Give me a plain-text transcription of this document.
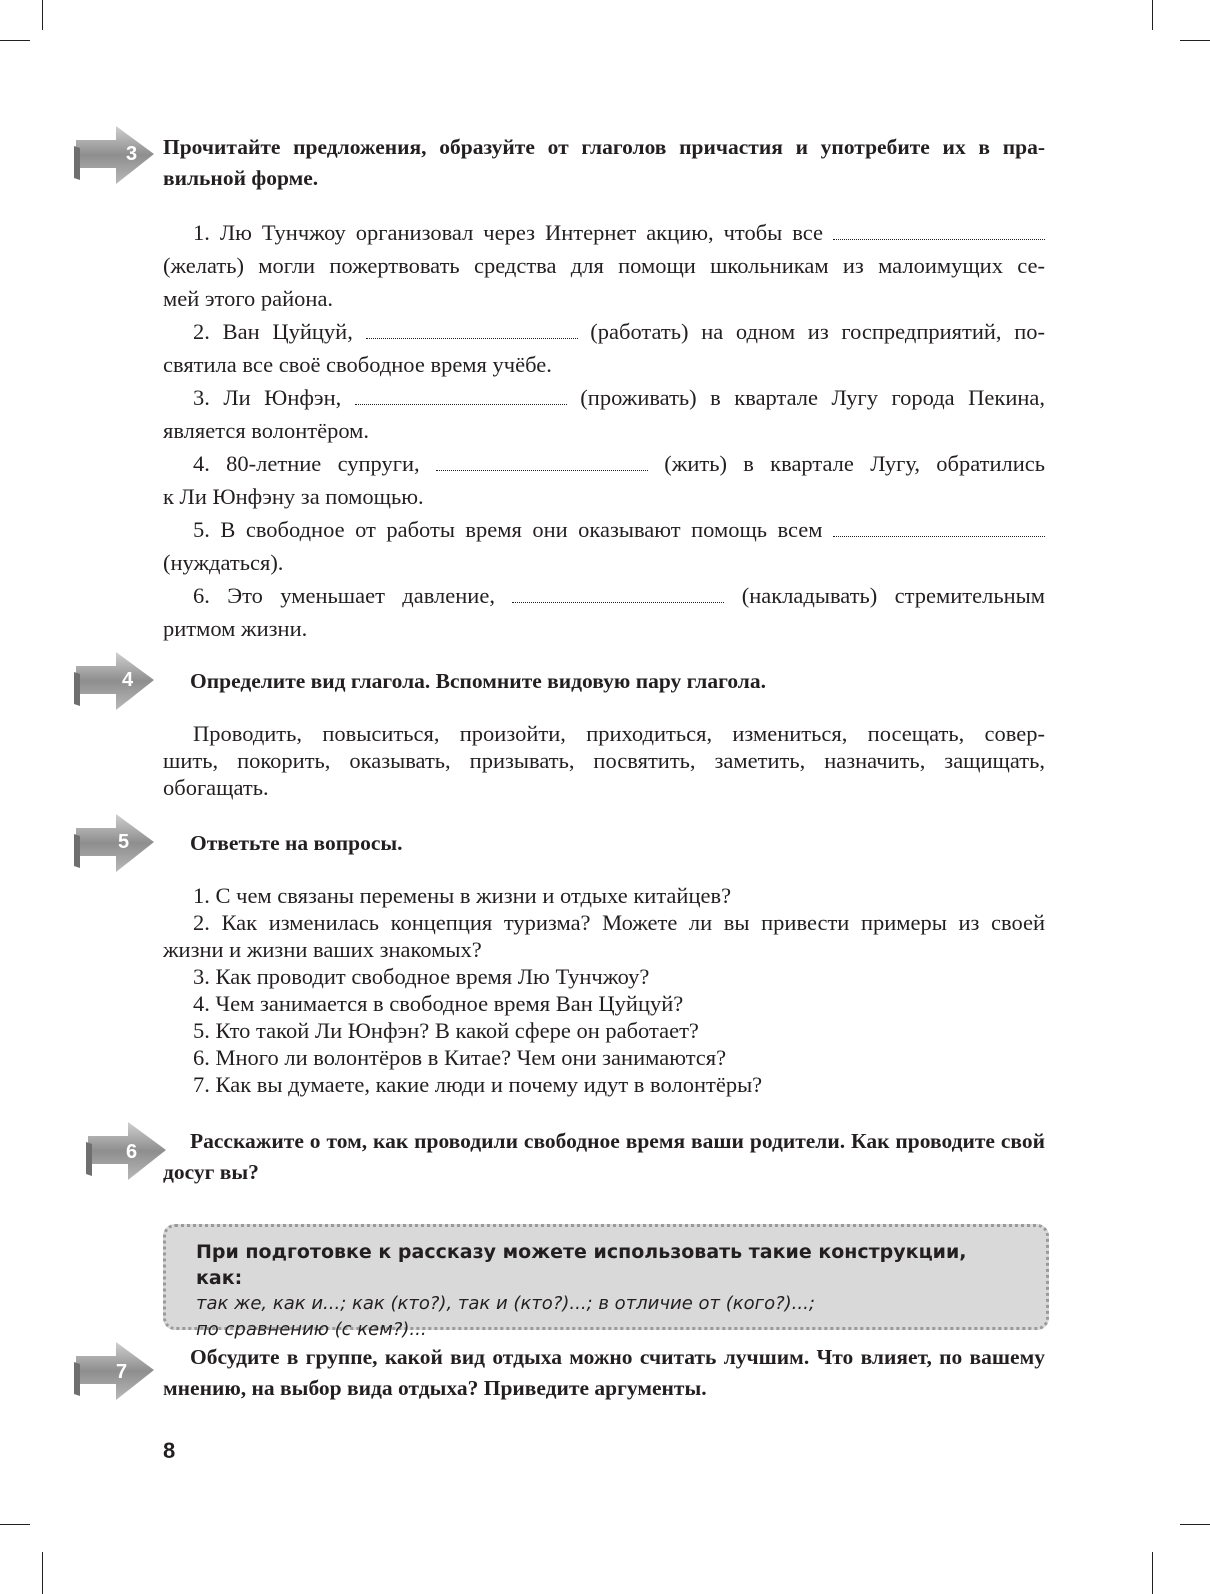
3 Прочитайте предложения, образуйте от глаголов причастия и употребите их в пра-
вильной форме.
1. Лю Тунчжоу организовал через Интернет акцию, чтобы все
(желать) могли пожертвовать средства для помощи школьникам из малоимущих се-
мей этого района.
2. Ван Цуйцуй,	(работать) на одном из госпредприятий, по-
святила все своё свободное время учёбе.
3. Ли Юнфэн,	(проживать) в квартале Лугу города Пекина,
является волонтёром.
4. 80-летние супруги,	(жить) в квартале Лугу, обратились
к Ли Юнфэну за помощью.
5. В свободное от работы время они оказывают помощь всем
(нуждаться).
6. Это уменьшает давление,	(накладывать) стремительным
ритмом жизни.
4	Определите вид глагола. Вспомните видовую пару глагола.
Проводить, повыситься, произойти, приходиться, измениться, посещать, совер-
шить, покорить, оказывать, призывать, посвятить, заметить, назначить, защищать,
обогащать.
5	Ответьте на вопросы.
1. С чем связаны перемены в жизни и отдыхе китайцев?
2. Как изменилась концепция туризма? Можете ли вы привести примеры из своей
жизни и жизни ваших знакомых?
3. Как проводит свободное время Лю Тунчжоу?
4. Чем занимается в свободное время Ван Цуйцуй?
5. Кто такой Ли Юнфэн? В какой сфере он работает?
6. Много ли волонтёров в Китае? Чем они занимаются?
7. Как вы думаете, какие люди и почему идут в волонтёры?
6	Расскажите о том, как проводили свободное время ваши родители. Как проводите свой
досуг вы?
При подготовке к рассказу можете использовать такие конструкции, как:
так же, как и...; как (кто?), так и (кто?)...; в отличие от (кого?)...;
по сравнению (с кем?)...
7
Обсудите в группе, какой вид отдыха можно считать лучшим. Что влияет, по вашему
мнению, на выбор вида отдыха? Приведите аргументы.
8
